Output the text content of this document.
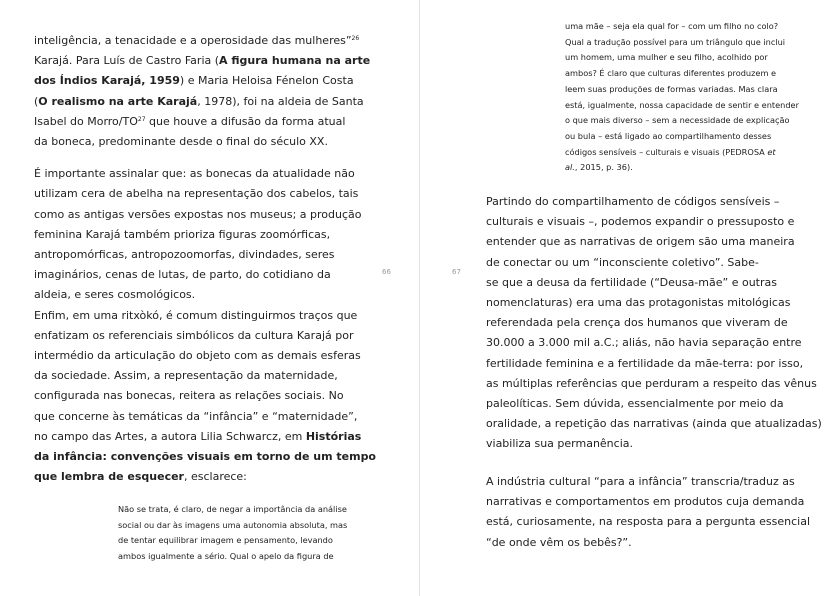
inteligência, a tenacidade e a operosidade das mulheres”$^{26}$

Karajá. Para Luís de Castro Faria (A figura humana na arte

dos Índios Karajá, 1959) e Maria Heloisa Fénelon Costa

(O realismo na arte Karajá, 1978), foi na aldeia de Santa

Isabel do Morro/TO$^{27}$ que houve a difusão da forma atual

da boneca, predominante desde o final do século XX.

É importante assinalar que: as bonecas da atualidade não

utilizam cera de abelha na representação dos cabelos, tais

como as antigas versões expostas nos museus; a produção

feminina Karajá também prioriza figuras zoomórficas,

antropomórficas, antropozoomorfas, divindades, seres

imaginários, cenas de lutas, de parto, do cotidiano da

aldeia, e seres cosmológicos.

Enfim, em uma ritxòkó, é comum distinguirmos traços que

enfatizam os referenciais simbólicos da cultura Karajá por

intermédio da articulação do objeto com as demais esferas

da sociedade. Assim, a representação da maternidade,

configurada nas bonecas, reitera as relações sociais. No

que concerne às temáticas da “infância” e “maternidade”,

no campo das Artes, a autora Lilia Schwarcz, em Histórias

da infância: convenções visuais em torno de um tempo

que lembra de esquecer, esclarece:

Não se trata, é claro, de negar a importância da análise

social ou dar às imagens uma autonomia absoluta, mas

de tentar equilibrar imagem e pensamento, levando

ambos igualmente a sério. Qual o apelo da figura de

66

uma mãe – seja ela qual for – com um filho no colo?

Qual a tradução possível para um triângulo que inclui

um homem, uma mulher e seu filho, acolhido por

ambos? É claro que culturas diferentes produzem e

leem suas produções de formas variadas. Mas clara

está, igualmente, nossa capacidade de sentir e entender

o que mais diverso – sem a necessidade de explicação

ou bula – está ligado ao compartilhamento desses

códigos sensíveis – culturais e visuais (PEDROSA et

al., 2015, p. 36).

67

Partindo do compartilhamento de códigos sensíveis –

culturais e visuais –, podemos expandir o pressuposto e

entender que as narrativas de origem são uma maneira

de conectar ou um “inconsciente coletivo”. Sabe-

se que a deusa da fertilidade (“Deusa-mãe” e outras

nomenclaturas) era uma das protagonistas mitológicas

referendada pela crença dos humanos que viveram de

30.000 a 3.000 mil a.C.; aliás, não havia separação entre

fertilidade feminina e a fertilidade da mãe-terra: por isso,

as múltiplas referências que perduram a respeito das vênus

paleolíticas. Sem dúvida, essencialmente por meio da

oralidade, a repetição das narrativas (ainda que atualizadas)

viabiliza sua permanência.

A indústria cultural “para a infância” transcria/traduz as

narrativas e comportamentos em produtos cuja demanda

está, curiosamente, na resposta para a pergunta essencial

“de onde vêm os bebês?”.
